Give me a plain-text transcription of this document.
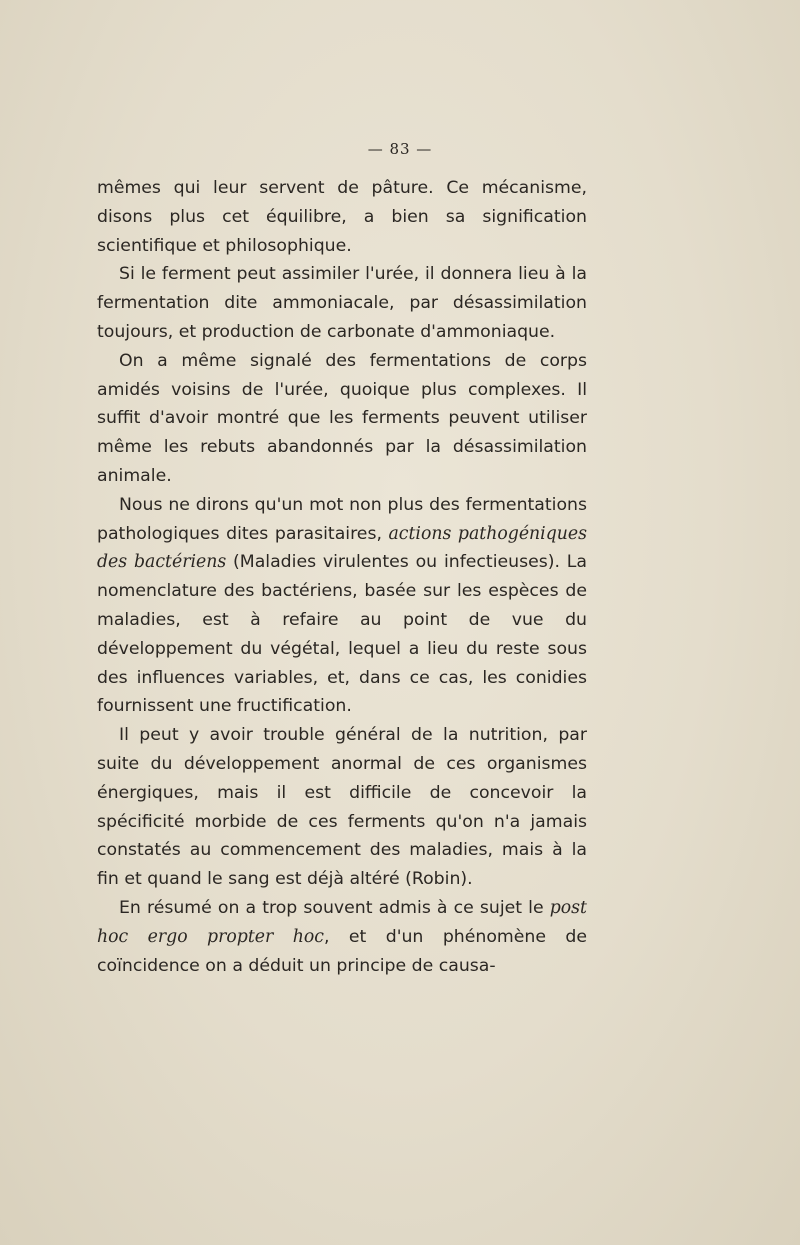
— 83 —

mêmes qui leur servent de pâture. Ce mécanisme, disons plus cet équilibre, a bien sa signification scientifique et philosophique.

Si le ferment peut assimiler l'urée, il donnera lieu à la fermentation dite ammoniacale, par désassimilation toujours, et production de carbonate d'ammoniaque.

On a même signalé des fermentations de corps amidés voisins de l'urée, quoique plus complexes. Il suffit d'avoir montré que les ferments peuvent utiliser même les rebuts abandonnés par la désassimilation animale.

Nous ne dirons qu'un mot non plus des fermentations pathologiques dites parasitaires, actions pathogéniques des bactériens (Maladies virulentes ou infectieuses). La nomenclature des bactériens, basée sur les espèces de maladies, est à refaire au point de vue du développement du végétal, lequel a lieu du reste sous des influences variables, et, dans ce cas, les conidies fournissent une fructification.

Il peut y avoir trouble général de la nutrition, par suite du développement anormal de ces organismes énergiques, mais il est difficile de concevoir la spécificité morbide de ces ferments qu'on n'a jamais constatés au commencement des maladies, mais à la fin et quand le sang est déjà altéré (Robin).

En résumé on a trop souvent admis à ce sujet le post hoc ergo propter hoc, et d'un phénomène de coïncidence on a déduit un principe de causa-
